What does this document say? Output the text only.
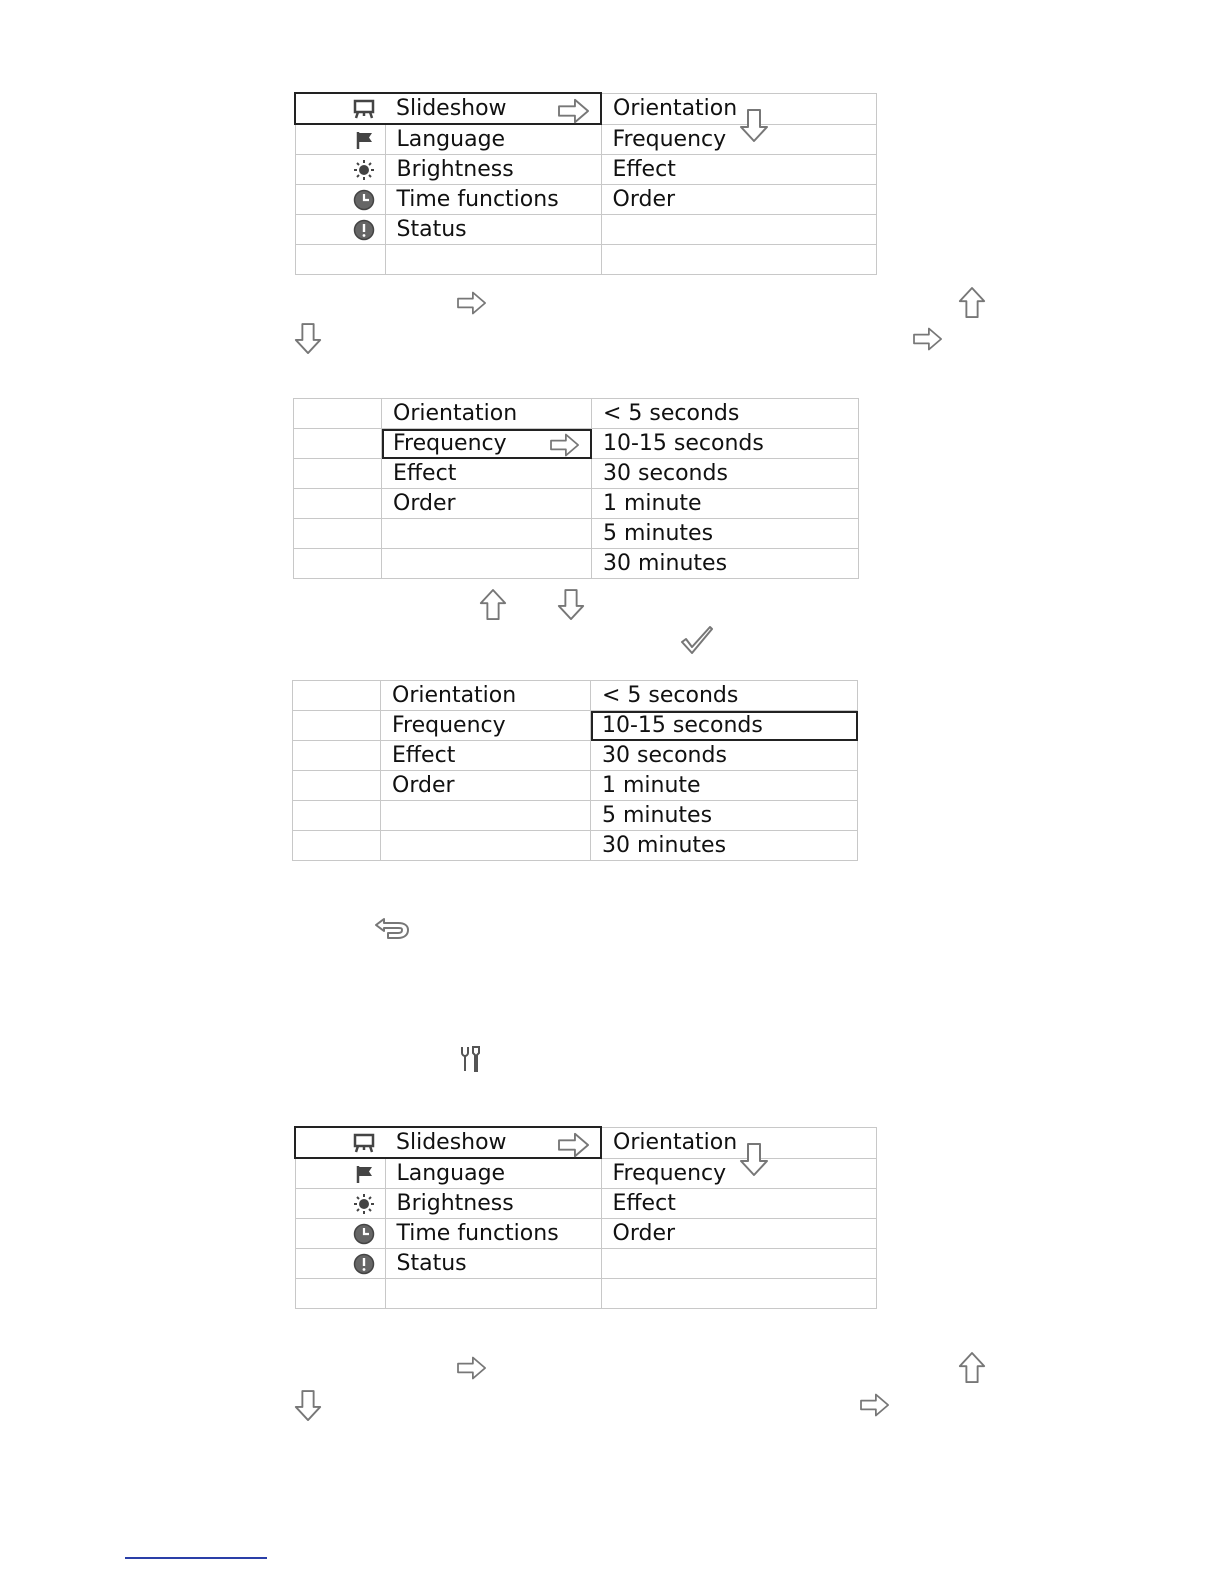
	Slideshow	Orientation

	Language	Frequency
	Brightness	Effect
	Time functions	Order
	Status	

	Orientation	< 5 seconds
	Frequency	10-15 seconds
	Effect	30 seconds
	Order	1 minute
		5 minutes
		30 minutes
	Orientation	< 5 seconds
	Frequency	10-15 seconds
	Effect	30 seconds
	Order	1 minute
		5 minutes
		30 minutes
	Slideshow	Orientation

	Language	Frequency
	Brightness	Effect
	Time functions	Order
	Status	
